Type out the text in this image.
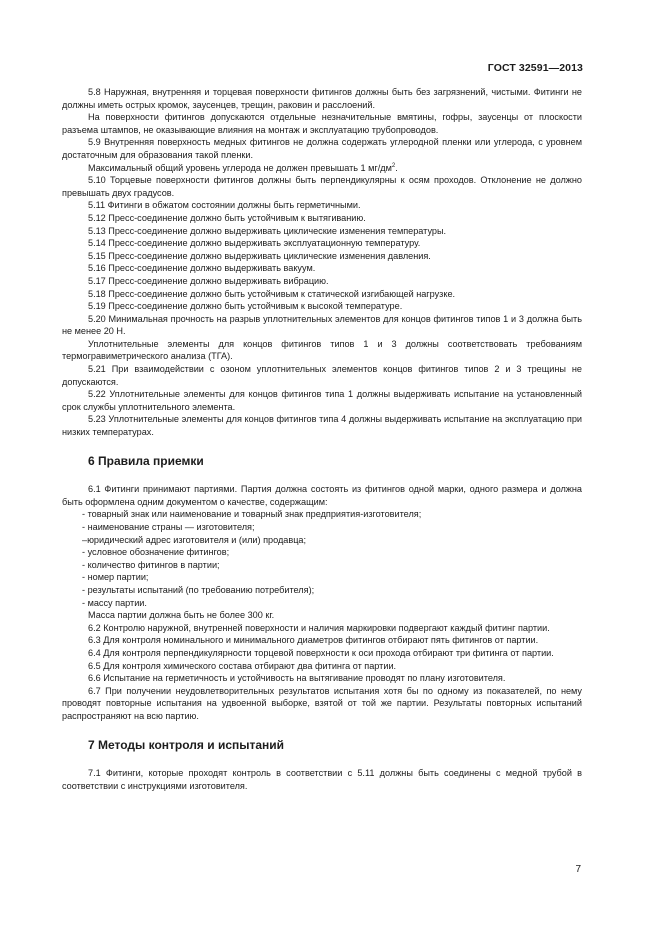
ГОСТ 32591—2013

5.8 Наружная, внутренняя и торцевая поверхности фитингов должны быть без загрязнений, чистыми. Фитинги не должны иметь острых кромок, заусенцев, трещин, раковин и расслоений.

На поверхности фитингов допускаются отдельные незначительные вмятины, гофры, заусенцы от плоскости разъема штампов, не оказывающие влияния на монтаж и эксплуатацию трубопроводов.

5.9 Внутренняя поверхность медных фитингов не должна содержать углеродной пленки или углерода, с уровнем достаточным для образования такой пленки.

Максимальный общий уровень углерода не должен превышать 1 $мг/дм^2$.

5.10 Торцевые поверхности фитингов должны быть перпендикулярны к осям проходов. Отклонение не должно превышать двух градусов.

5.11 Фитинги в обжатом состоянии должны быть герметичными.

5.12 Пресс-соединение должно быть устойчивым к вытягиванию.

5.13 Пресс-соединение должно выдерживать циклические изменения температуры.

5.14 Пресс-соединение должно выдерживать эксплуатационную температуру.

5.15 Пресс-соединение должно выдерживать циклические изменения давления.

5.16 Пресс-соединение должно выдерживать вакуум.

5.17 Пресс-соединение должно выдерживать вибрацию.

5.18 Пресс-соединение должно быть устойчивым к статической изгибающей нагрузке.

5.19 Пресс-соединение должно быть устойчивым к высокой температуре.

5.20 Минимальная прочность на разрыв уплотнительных элементов для концов фитингов типов 1 и 3 должна быть не менее 20 Н.

Уплотнительные элементы для концов фитингов типов 1 и 3 должны соответствовать требованиям термогравиметрического анализа (ТГА).

5.21 При взаимодействии с озоном уплотнительных элементов концов фитингов типов 2 и 3 трещины не допускаются.

5.22 Уплотнительные элементы для концов фитингов типа 1 должны выдерживать испытание на установленный срок службы уплотнительного элемента.

5.23 Уплотнительные элементы для концов фитингов типа 4 должны выдерживать испытание на эксплуатацию при низких температурах.

6 Правила приемки

6.1 Фитинги принимают партиями. Партия должна состоять из фитингов одной марки, одного размера и должна быть оформлена одним документом о качестве, содержащим:

- товарный знак или наименование и товарный знак предприятия-изготовителя;

- наименование страны — изготовителя;

–юридический адрес изготовителя и (или) продавца;

- условное обозначение фитингов;

- количество фитингов в партии;

- номер партии;

- результаты испытаний (по требованию потребителя);

- массу партии.

Масса партии должна быть не более 300 кг.

6.2 Контролю наружной, внутренней поверхности и наличия маркировки подвергают каждый фитинг партии.

6.3 Для контроля номинального и минимального диаметров фитингов отбирают пять фитингов от партии.

6.4 Для контроля перпендикулярности торцевой поверхности к оси прохода отбирают три фитинга от партии.

6.5 Для контроля химического состава отбирают два фитинга от партии.

6.6 Испытание на герметичность и устойчивость на вытягивание проводят по плану изготовителя.

6.7 При получении неудовлетворительных результатов испытания хотя бы по одному из показателей, по нему проводят повторные испытания на удвоенной выборке, взятой от той же партии. Результаты повторных испытаний распространяют на всю партию.

7 Методы контроля и испытаний

7.1 Фитинги, которые проходят контроль в соответствии с 5.11 должны быть соединены с медной трубой в соответствии с инструкциями изготовителя.

7
